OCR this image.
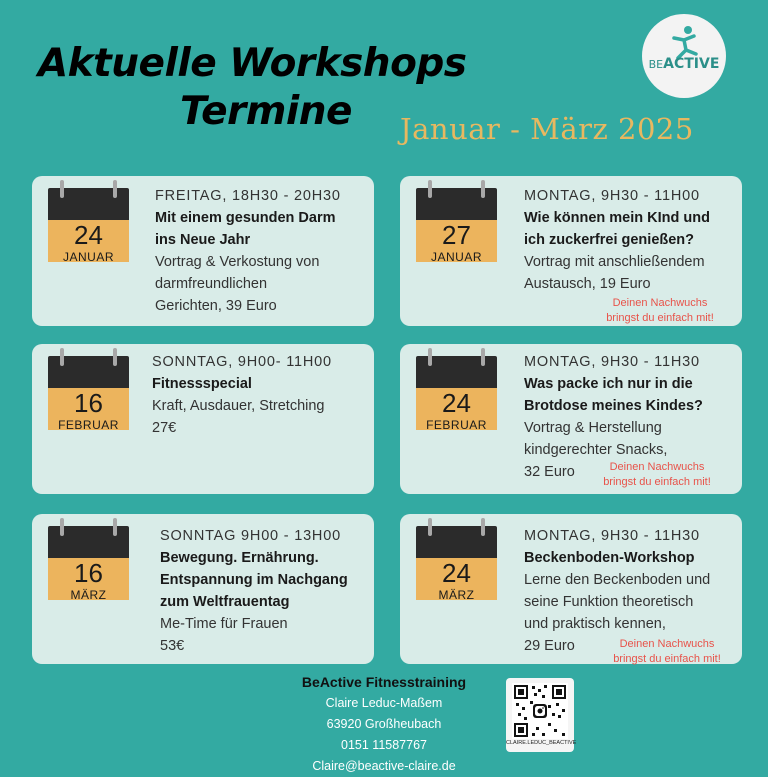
Aktuelle Workshops
Termine Januar - März 2025
BEACTIVE
24
JANUAR
27
JANUAR
16
FEBRUAR
24
FEBRUAR
16
MÄRZ
24
MÄRZ
FREITAG, 18H30 - 20H30
Mit einem gesunden Darm
ins Neue Jahr
Vortrag & Verkostung von
darmfreundlichen
Gerichten, 39 Euro
MONTAG, 9H30 - 11H00
Wie können mein KInd und
ich zuckerfrei genießen?
Vortrag mit anschließendem
Austausch, 19 Euro
Deinen Nachwuchs
bringst du einfach mit!
SONNTAG, 9H00- 11H00
Fitnessspecial
Kraft, Ausdauer, Stretching
27€
MONTAG, 9H30 - 11H30
Was packe ich nur in die
Brotdose meines Kindes?
Vortrag & Herstellung
kindgerechter Snacks,
32 Euro	Deinen Nachwuchs
bringst du einfach mit!
SONNTAG 9H00 - 13H00
Bewegung. Ernährung.
Entspannung im Nachgang
zum Weltfrauentag
Me-Time für Frauen
53€
MONTAG, 9H30 - 11H30
Beckenboden-Workshop
Lerne den Beckenboden und
seine Funktion theoretisch
und praktisch kennen,
29 Euro	Deinen Nachwuchs
bringst du einfach mit!
BeActive Fitnesstraining
Claire Leduc-Maßem
63920 Großheubach
0151 11587767
Claire@beactive-claire.de
CLAIRE.LEDUC_BEACTIVE
